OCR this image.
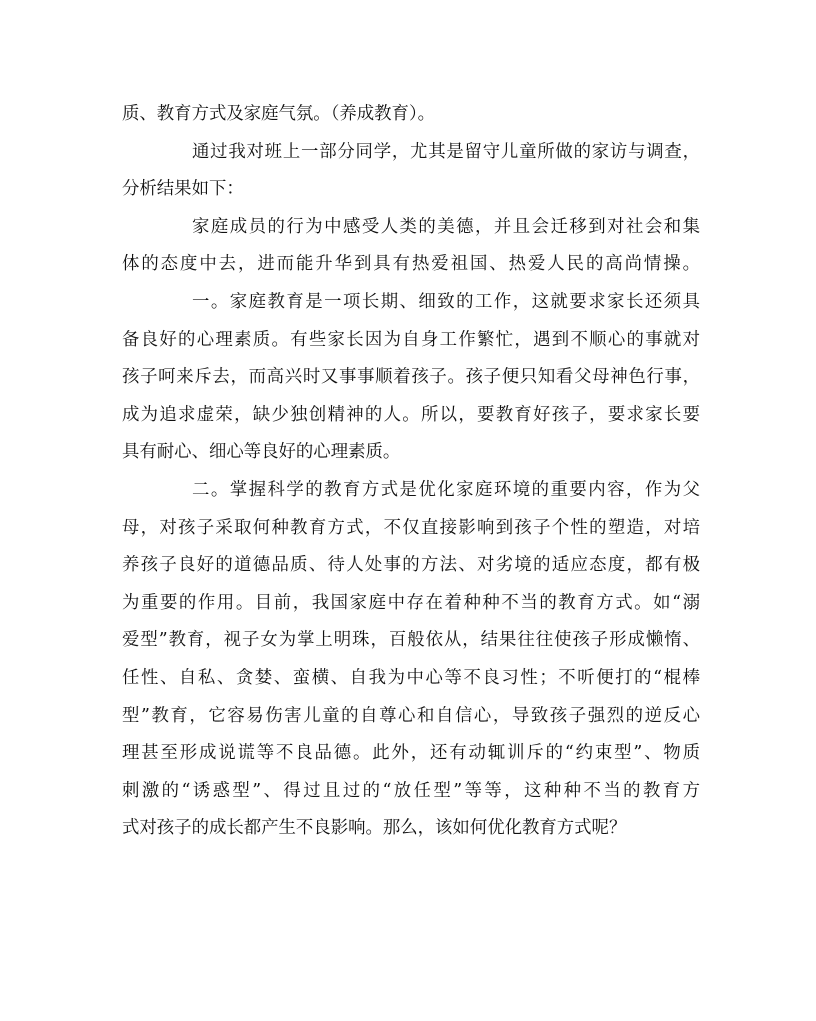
质、教育方式及家庭气氛。（养成教育）。
通过我对班上一部分同学，尤其是留守儿童所做的家访与调查，
分析结果如下：
家庭成员的行为中感受人类的美德，并且会迁移到对社会和集
体的态度中去，进而能升华到具有热爱祖国、热爱人民的高尚情操。
一。家庭教育是一项长期、细致的工作，这就要求家长还须具
备良好的心理素质。有些家长因为自身工作繁忙，遇到不顺心的事就对
孩子呵来斥去，而高兴时又事事顺着孩子。孩子便只知看父母神色行事，
成为追求虚荣，缺少独创精神的人。所以，要教育好孩子，要求家长要
具有耐心、细心等良好的心理素质。
二。掌握科学的教育方式是优化家庭环境的重要内容，作为父
母，对孩子采取何种教育方式，不仅直接影响到孩子个性的塑造，对培
养孩子良好的道德品质、待人处事的方法、对劣境的适应态度，都有极
为重要的作用。目前，我国家庭中存在着种种不当的教育方式。如“溺
爱型”教育，视子女为掌上明珠，百般依从，结果往往使孩子形成懒惰、
任性、自私、贪婪、蛮横、自我为中心等不良习性；不听便打的“棍棒
型”教育，它容易伤害儿童的自尊心和自信心，导致孩子强烈的逆反心
理甚至形成说谎等不良品德。此外，还有动辄训斥的“约束型”、物质
刺激的“诱惑型”、得过且过的“放任型”等等，这种种不当的教育方
式对孩子的成长都产生不良影响。那么，该如何优化教育方式呢？
